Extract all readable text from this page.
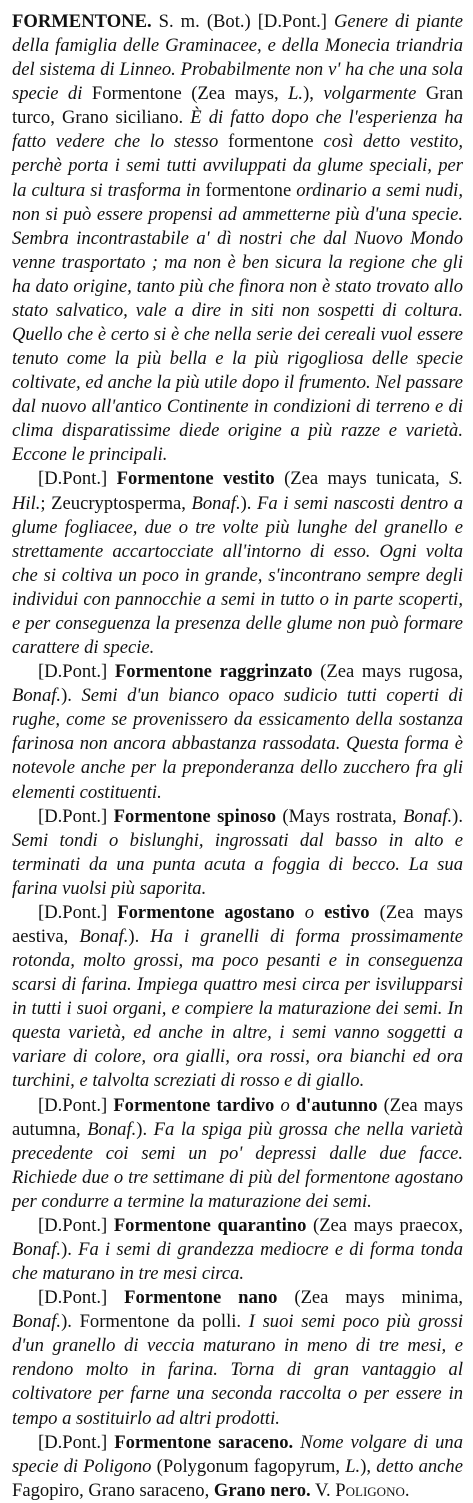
FORMENTONE. S. m. (Bot.) [D.Pont.] Genere di piante della famiglia delle Graminacee, e della Monecia triandria del sistema di Linneo. Probabilmente non v' ha che una sola specie di Formentone (Zea mays, L.), volgarmente Gran turco, Grano siciliano. È di fatto dopo che l'esperienza ha fatto vedere che lo stesso formentone così detto vestito, perchè porta i semi tutti avviluppati da glume speciali, per la cultura si trasforma in formentone ordinario a semi nudi, non si può essere propensi ad ammetterne più d'una specie. Sembra incontrastabile a' dì nostri che dal Nuovo Mondo venne trasportato ; ma non è ben sicura la regione che gli ha dato origine, tanto più che finora non è stato trovato allo stato salvatico, vale a dire in siti non sospetti di coltura. Quello che è certo si è che nella serie dei cereali vuol essere tenuto come la più bella e la più rigogliosa delle specie coltivate, ed anche la più utile dopo il frumento. Nel passare dal nuovo all'antico Continente in condizioni di terreno e di clima disparatissime diede origine a più razze e varietà. Eccone le principali.

[D.Pont.] Formentone vestito (Zea mays tunicata, S. Hil.; Zeucryptosperma, Bonaf.). Fa i semi nascosti dentro a glume fogliacee, due o tre volte più lunghe del granello e strettamente accartocciate all'intorno di esso. Ogni volta che si coltiva un poco in grande, s'incontrano sempre degli individui con pannocchie a semi in tutto o in parte scoperti, e per conseguenza la presenza delle glume non può formare carattere di specie.

[D.Pont.] Formentone raggrinzato (Zea mays rugosa, Bonaf.). Semi d'un bianco opaco sudicio tutti coperti di rughe, come se provenissero da essicamento della sostanza farinosa non ancora abbastanza rassodata. Questa forma è notevole anche per la preponderanza dello zucchero fra gli elementi costituenti.

[D.Pont.] Formentone spinoso (Mays rostrata, Bonaf.). Semi tondi o bislunghi, ingrossati dal basso in alto e terminati da una punta acuta a foggia di becco. La sua farina vuolsi più saporita.

[D.Pont.] Formentone agostano o estivo (Zea mays aestiva, Bonaf.). Ha i granelli di forma prossimamente rotonda, molto grossi, ma poco pesanti e in conseguenza scarsi di farina. Impiega quattro mesi circa per isvilupparsi in tutti i suoi organi, e compiere la maturazione dei semi. In questa varietà, ed anche in altre, i semi vanno soggetti a variare di colore, ora gialli, ora rossi, ora bianchi ed ora turchini, e talvolta screziati di rosso e di giallo.

[D.Pont.] Formentone tardivo o d'autunno (Zea mays autumna, Bonaf.). Fa la spiga più grossa che nella varietà precedente coi semi un po' depressi dalle due facce. Richiede due o tre settimane di più del formentone agostano per condurre a termine la maturazione dei semi.

[D.Pont.] Formentone quarantino (Zea mays praecox, Bonaf.). Fa i semi di grandezza mediocre e di forma tonda che maturano in tre mesi circa.

[D.Pont.] Formentone nano (Zea mays minima, Bonaf.). Formentone da polli. I suoi semi poco più grossi d'un granello di veccia maturano in meno di tre mesi, e rendono molto in farina. Torna di gran vantaggio al coltivatore per farne una seconda raccolta o per essere in tempo a sostituirlo ad altri prodotti.

[D.Pont.] Formentone saraceno. Nome volgare di una specie di Poligono (Polygonum fagopyrum, L.), detto anche Fagopiro, Grano saraceno, Grano nero. V. Poligono.
